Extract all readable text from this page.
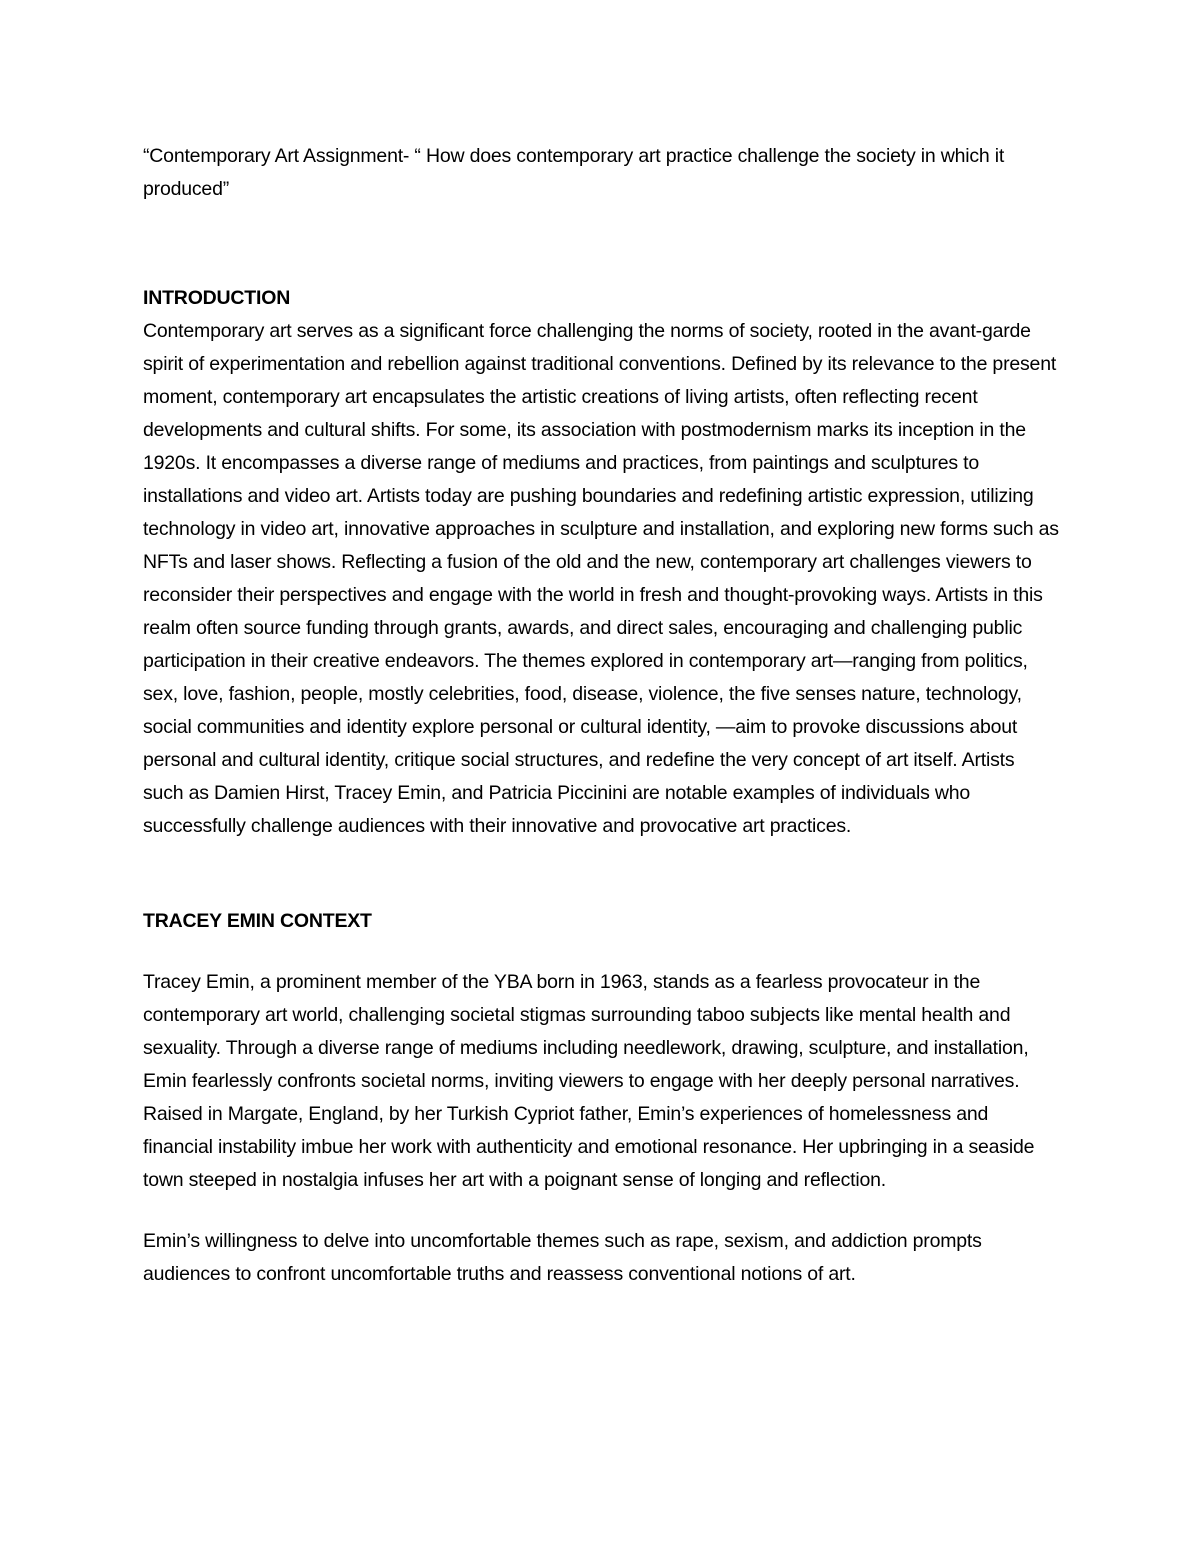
“Contemporary Art Assignment- “ How does contemporary art practice challenge the society in which it produced”

INTRODUCTION

Contemporary art serves as a significant force challenging the norms of society, rooted in the avant-garde spirit of experimentation and rebellion against traditional conventions. Defined by its relevance to the present moment, contemporary art encapsulates the artistic creations of living artists, often reflecting recent developments and cultural shifts. For some, its association with postmodernism marks its inception in the 1920s. It encompasses a diverse range of mediums and practices, from paintings and sculptures to installations and video art. Artists today are pushing boundaries and redefining artistic expression, utilizing technology in video art, innovative approaches in sculpture and installation, and exploring new forms such as NFTs and laser shows. Reflecting a fusion of the old and the new, contemporary art challenges viewers to reconsider their perspectives and engage with the world in fresh and thought-provoking ways. Artists in this realm often source funding through grants, awards, and direct sales, encouraging and challenging public participation in their creative endeavors. The themes explored in contemporary art—ranging from politics, sex, love, fashion, people, mostly celebrities, food, disease, violence, the five senses nature, technology, social communities and identity explore personal or cultural identity, —aim to provoke discussions about personal and cultural identity, critique social structures, and redefine the very concept of art itself. Artists such as Damien Hirst, Tracey Emin, and Patricia Piccinini are notable examples of individuals who successfully challenge audiences with their innovative and provocative art practices.

TRACEY EMIN CONTEXT

Tracey Emin, a prominent member of the YBA born in 1963, stands as a fearless provocateur in the contemporary art world, challenging societal stigmas surrounding taboo subjects like mental health and sexuality. Through a diverse range of mediums including needlework, drawing, sculpture, and installation, Emin fearlessly confronts societal norms, inviting viewers to engage with her deeply personal narratives. Raised in Margate, England, by her Turkish Cypriot father, Emin’s experiences of homelessness and financial instability imbue her work with authenticity and emotional resonance. Her upbringing in a seaside town steeped in nostalgia infuses her art with a poignant sense of longing and reflection.

Emin’s willingness to delve into uncomfortable themes such as rape, sexism, and addiction prompts audiences to confront uncomfortable truths and reassess conventional notions of art.
